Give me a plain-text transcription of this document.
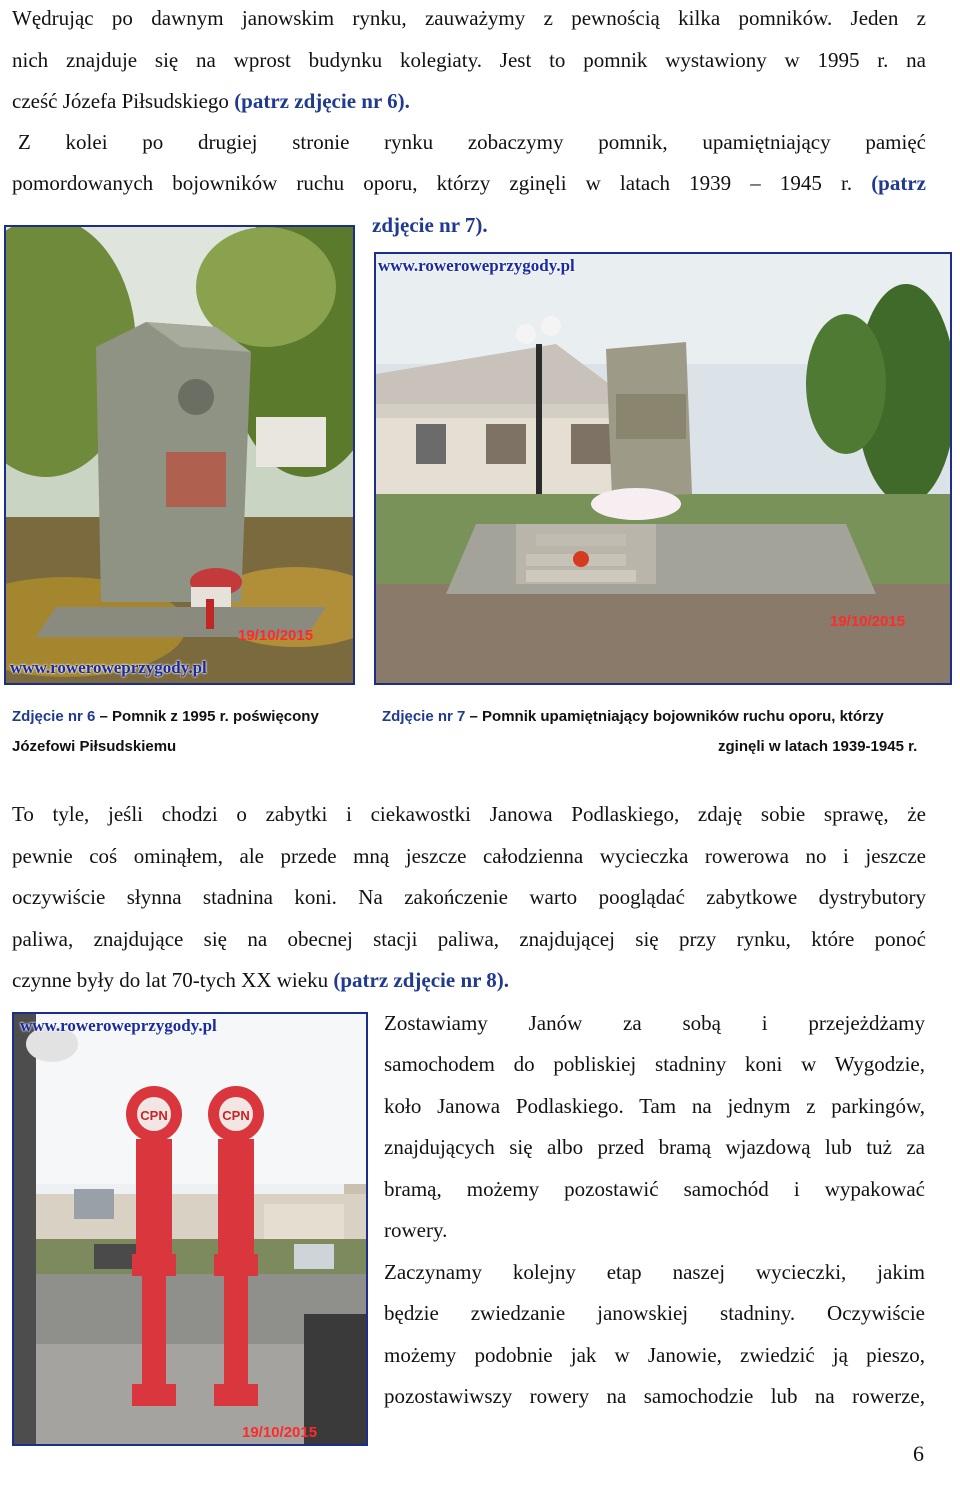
Wędrując po dawnym janowskim rynku, zauważymy z pewnością kilka pomników. Jeden z
nich znajduje się na wprost budynku kolegiaty. Jest to pomnik wystawiony w 1995 r. na
cześć Józefa Piłsudskiego (patrz zdjęcie nr 6).
Z kolei po drugiej stronie rynku zobaczymy pomnik, upamiętniający pamięć
pomordowanych bojowników ruchu oporu, którzy zginęli w latach 1939 – 1945 r. (patrz
zdjęcie nr 7).
19/10/2015
www.roweroweprzygody.pl
www.roweroweprzygody.pl
19/10/2015
Zdjęcie nr 6 – Pomnik z 1995 r. poświęcony
Józefowi Piłsudskiemu
Zdjęcie nr 7 – Pomnik upamiętniający bojowników ruchu oporu, którzy
zginęli w latach 1939-1945 r.
To tyle, jeśli chodzi o zabytki i ciekawostki Janowa Podlaskiego, zdaję sobie sprawę, że
pewnie coś ominąłem, ale przede mną jeszcze całodzienna wycieczka rowerowa no i jeszcze
oczywiście słynna stadnina koni. Na zakończenie warto pooglądać zabytkowe dystrybutory
paliwa, znajdujące się na obecnej stacji paliwa, znajdującej się przy rynku, które ponoć
czynne były do lat 70-tych XX wieku (patrz zdjęcie nr 8).
CPN	CPN
www.roweroweprzygody.pl
19/10/2015
Zostawiamy Janów za sobą i przejeżdżamy
samochodem do pobliskiej stadniny koni w Wygodzie,
koło Janowa Podlaskiego. Tam na jednym z parkingów,
znajdujących się albo przed bramą wjazdową lub tuż za
bramą, możemy pozostawić samochód i wypakować
rowery.
Zaczynamy kolejny etap naszej wycieczki, jakim
będzie zwiedzanie janowskiej stadniny. Oczywiście
możemy podobnie jak w Janowie, zwiedzić ją pieszo,
pozostawiwszy rowery na samochodzie lub na rowerze,
6
